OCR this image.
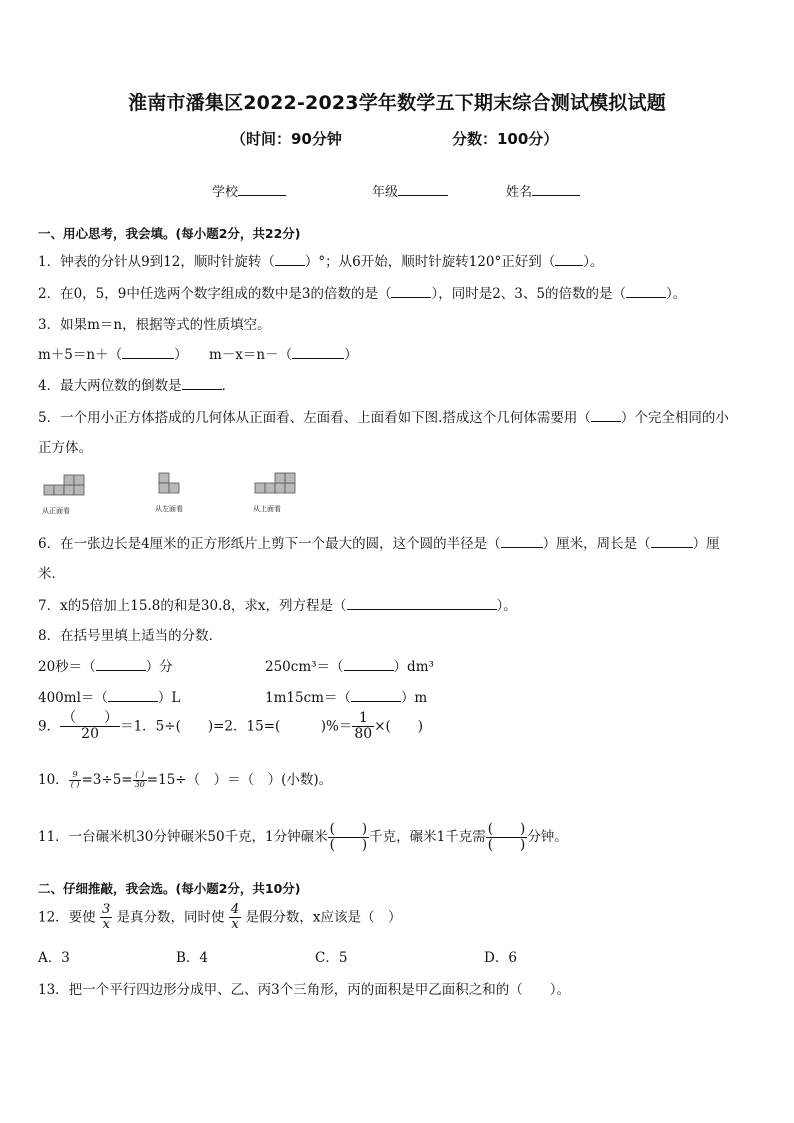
淮南市潘集区2022-2023学年数学五下期末综合测试模拟试题
（时间：90分钟	分数：100分）
学校	年级	姓名
一、用心思考，我会填。(每小题2分，共22分)
1．钟表的分针从9到12，顺时针旋转（ ）°；从6开始，顺时针旋转120°正好到（ ）。
2．在0，5，9中任选两个数字组成的数中是3的倍数的是（	），同时是2、3、5的倍数的是（	）。
3．如果m＝n，根据等式的性质填空。
m＋5＝n＋（	） m－x＝n－（	）
4．最大两位数的倒数是	．
5．一个用小正方体搭成的几何体从正面看、左面看、上面看如下图.搭成这个几何体需要用（ ）个完全相同的小
正方体。
从正面看	从左面看	从上面看
6．在一张边长是4厘米的正方形纸片上剪下一个最大的圆，这个圆的半径是（	）厘米，周长是（	）厘
米．
7．x的5倍加上15.8的和是30.8，求x，列方程是（	）。
8．在括号里填上适当的分数．
20秒＝（	）分	250cm³＝（	）dm³
400ml＝（	）L	1m15cm＝（	）m
9． $\frac{( )}{20} =1$．5÷(　　)=2．15=(　　　)%＝ $\frac{1}{80}$ ×(　　)
10． $\frac{9}{( )} =3\div 5= \frac{( )}{30} =15\div$（　）＝（　）(小数)。
11．一台碾米机30分钟碾米50千克，1分钟碾米 $\frac{( )}{( )}$ 千克，碾米1千克需 $\frac{( )}{( )}$ 分钟。
二、仔细推敲，我会选。(每小题2分，共10分)
12．要使 $\frac{3}{x}$ 是真分数，同时使 $\frac{4}{x}$ 是假分数，x应该是（　）
A．3	B．4	C．5	D．6
13．把一个平行四边形分成甲、乙、丙3个三角形，丙的面积是甲乙面积之和的（　　）。
